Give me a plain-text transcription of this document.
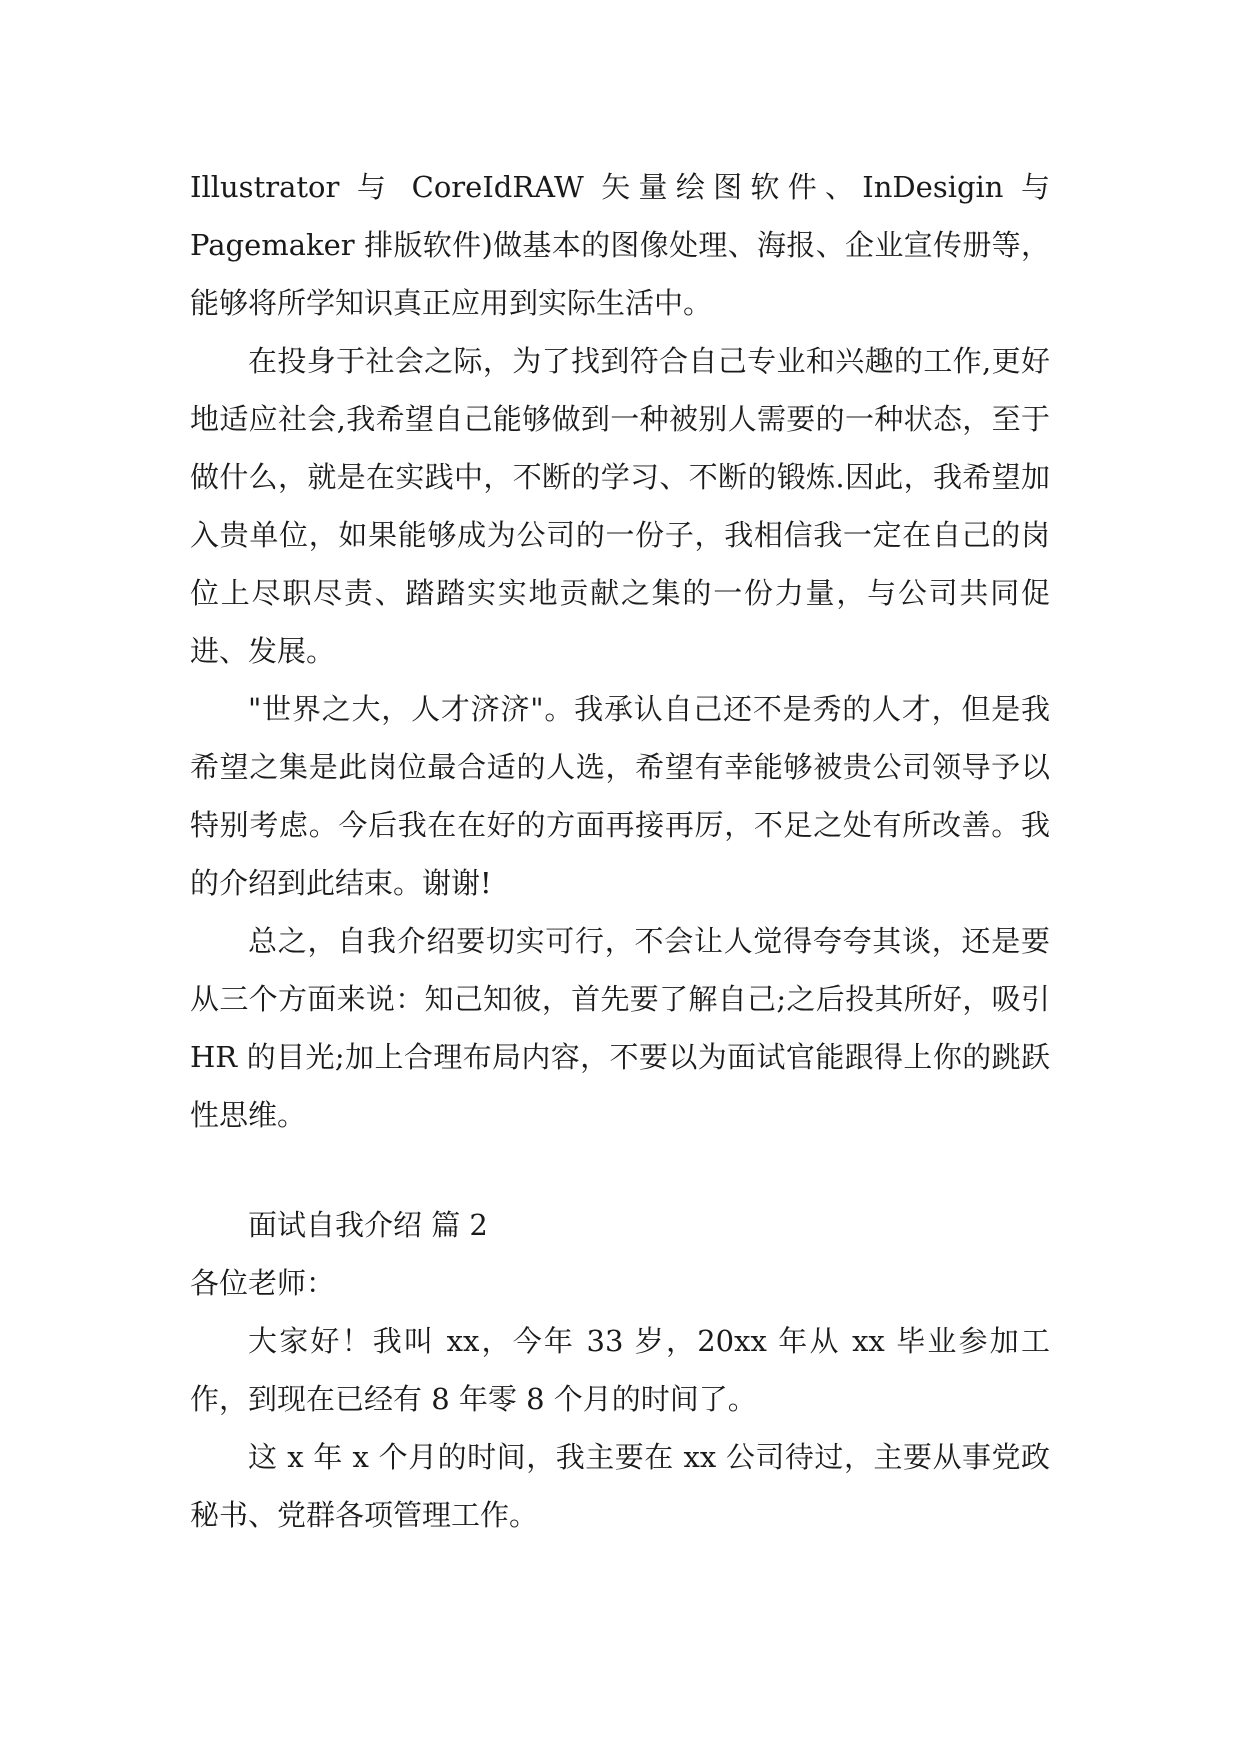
Illustrator 与 CoreIdRAW 矢量绘图软件、InDesigin 与 Pagemaker 排版软件)做基本的图像处理、海报、企业宣传册等，能够将所学知识真正应用到实际生活中。

在投身于社会之际，为了找到符合自己专业和兴趣的工作,更好地适应社会,我希望自己能够做到一种被别人需要的一种状态，至于做什么，就是在实践中，不断的学习、不断的锻炼.因此，我希望加入贵单位，如果能够成为公司的一份子，我相信我一定在自己的岗位上尽职尽责、踏踏实实地贡献之集的一份力量，与公司共同促进、发展。

"世界之大，人才济济"。我承认自己还不是秀的人才，但是我希望之集是此岗位最合适的人选，希望有幸能够被贵公司领导予以特别考虑。今后我在在好的方面再接再厉，不足之处有所改善。我的介绍到此结束。谢谢!

总之，自我介绍要切实可行，不会让人觉得夸夸其谈，还是要从三个方面来说：知己知彼，首先要了解自己;之后投其所好，吸引 HR 的目光;加上合理布局内容，不要以为面试官能跟得上你的跳跃性思维。

面试自我介绍 篇 2

各位老师：

大家好！我叫 xx，今年 33 岁，20xx 年从 xx 毕业参加工作，到现在已经有 8 年零 8 个月的时间了。

这 x 年 x 个月的时间，我主要在 xx 公司待过，主要从事党政秘书、党群各项管理工作。
